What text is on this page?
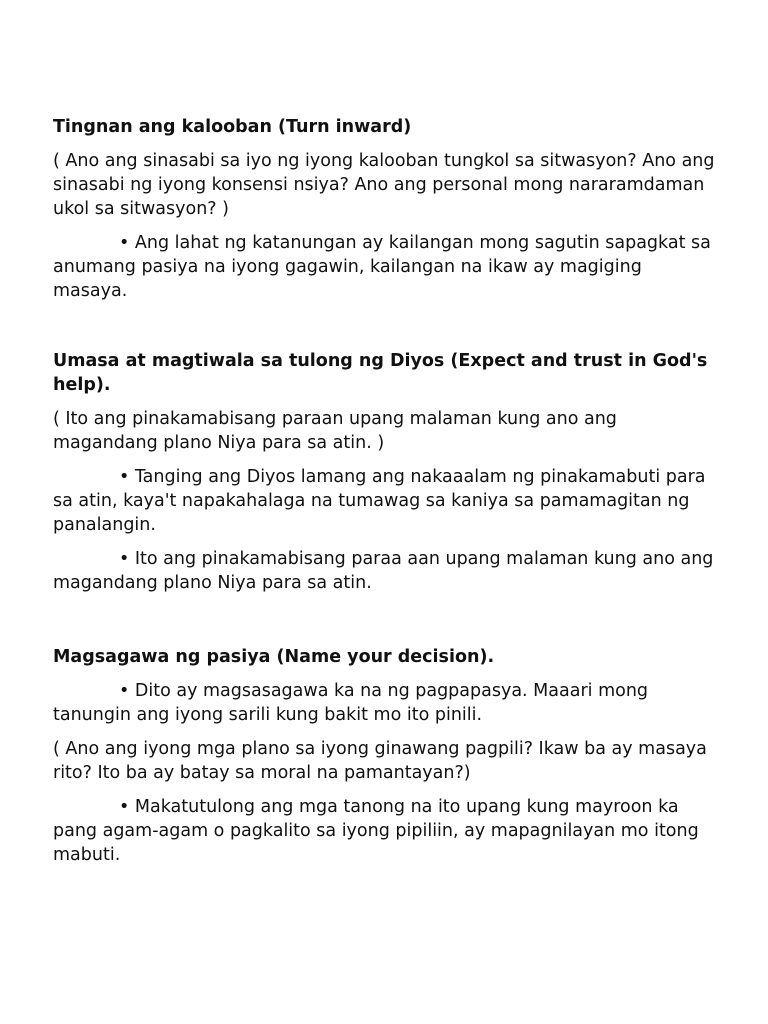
Tingnan ang kalooban (Turn inward)

( Ano ang sinasabi sa iyo ng iyong kalooban tungkol sa sitwasyon? Ano ang sinasabi ng iyong konsensi nsiya? Ano ang personal mong nararamdaman ukol sa sitwasyon? )

• Ang lahat ng katanungan ay kailangan mong sagutin sapagkat sa anumang pasiya na iyong gagawin, kailangan na ikaw ay magiging masaya.

Umasa at magtiwala sa tulong ng Diyos (Expect and trust in God's help).

( Ito ang pinakamabisang paraan upang malaman kung ano ang magandang plano Niya para sa atin. )

• Tanging ang Diyos lamang ang nakaaalam ng pinakamabuti para sa atin, kaya't napakahalaga na tumawag sa kaniya sa pamamagitan ng panalangin.

• Ito ang pinakamabisang paraa aan upang malaman kung ano ang magandang plano Niya para sa atin.

Magsagawa ng pasiya (Name your decision).

• Dito ay magsasagawa ka na ng pagpapasya. Maaari mong tanungin ang iyong sarili kung bakit mo ito pinili.

( Ano ang iyong mga plano sa iyong ginawang pagpili? Ikaw ba ay masaya rito? Ito ba ay batay sa moral na pamantayan?)

• Makatutulong ang mga tanong na ito upang kung mayroon ka pang agam-agam o pagkalito sa iyong pipiliin, ay mapagnilayan mo itong mabuti.
